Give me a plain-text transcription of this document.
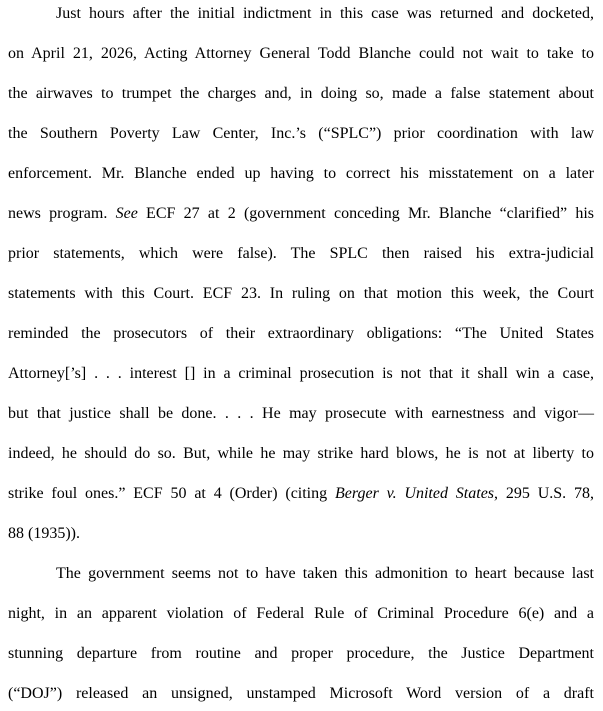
Just hours after the initial indictment in this case was returned and docketed,
on April 21, 2026, Acting Attorney General Todd Blanche could not wait to take to
the airwaves to trumpet the charges and, in doing so, made a false statement about
the Southern Poverty Law Center, Inc.’s (“SPLC”) prior coordination with law
enforcement. Mr. Blanche ended up having to correct his misstatement on a later
news program. See ECF 27 at 2 (government conceding Mr. Blanche “clarified” his
prior statements, which were false). The SPLC then raised his extra-judicial
statements with this Court. ECF 23. In ruling on that motion this week, the Court
reminded the prosecutors of their extraordinary obligations: “The United States
Attorney[’s] . . . interest [] in a criminal prosecution is not that it shall win a case,
but that justice shall be done. . . . He may prosecute with earnestness and vigor—
indeed, he should do so. But, while he may strike hard blows, he is not at liberty to
strike foul ones.” ECF 50 at 4 (Order) (citing Berger v. United States, 295 U.S. 78,
88 (1935)).
The government seems not to have taken this admonition to heart because last
night, in an apparent violation of Federal Rule of Criminal Procedure 6(e) and a
stunning departure from routine and proper procedure, the Justice Department
(“DOJ”) released an unsigned, unstamped Microsoft Word version of a draft
